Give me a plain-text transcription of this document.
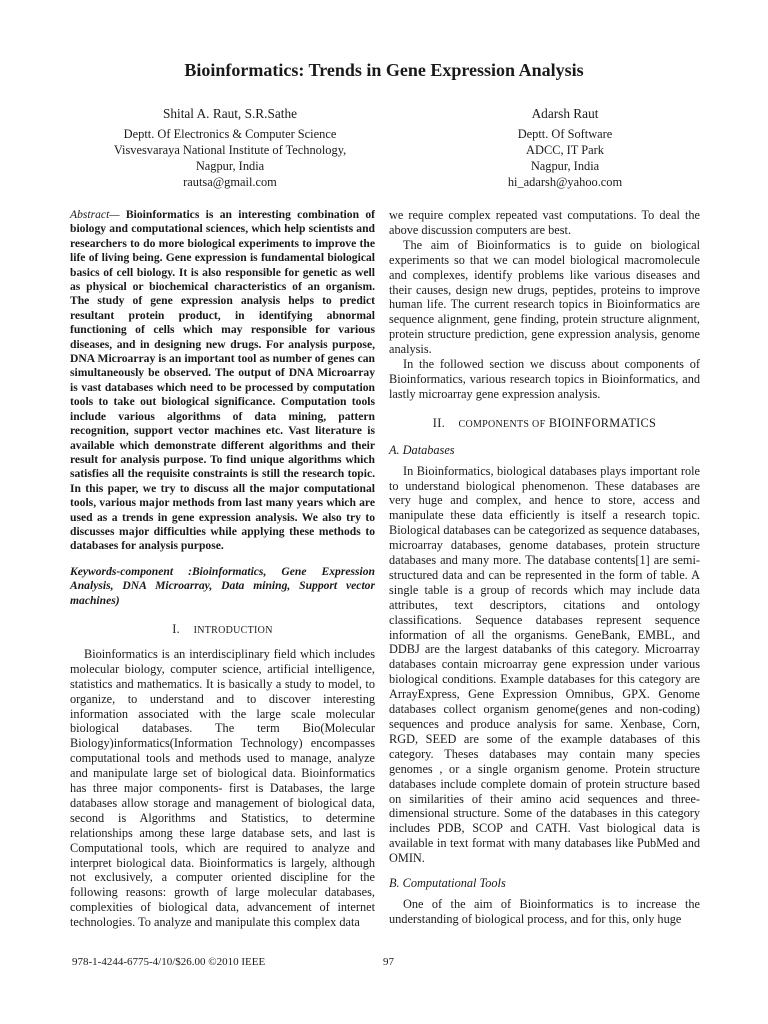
Bioinformatics: Trends in Gene Expression Analysis
Shital A. Raut, S.R.Sathe
Deptt. Of Electronics & Computer Science
Visvesvaraya National Institute of Technology,
Nagpur, India
rautsa@gmail.com
Adarsh Raut
Deptt. Of Software
ADCC, IT Park
Nagpur, India
hi_adarsh@yahoo.com

Abstract— Bioinformatics is an interesting combination of biology and computational sciences, which help scientists and researchers to do more biological experiments to improve the life of living being. Gene expression is fundamental biological basics of cell biology. It is also responsible for genetic as well as physical or biochemical characteristics of an organism. The study of gene expression analysis helps to predict resultant protein product, in identifying abnormal functioning of cells which may responsible for various diseases, and in designing new drugs. For analysis purpose, DNA Microarray is an important tool as number of genes can simultaneously be observed. The output of DNA Microarray is vast databases which need to be processed by computation tools to take out biological significance. Computation tools include various algorithms of data mining, pattern recognition, support vector machines etc. Vast literature is available which demonstrate different algorithms and their result for analysis purpose. To find unique algorithms which satisfies all the requisite constraints is still the research topic. In this paper, we try to discuss all the major computational tools, various major methods from last many years which are used as a trends in gene expression analysis. We also try to discusses major difficulties while applying these methods to databases for analysis purpose.

Keywords-component :Bioinformatics, Gene Expression Analysis, DNA Microarray, Data mining, Support vector machines)

I. INTRODUCTION

Bioinformatics is an interdisciplinary field which includes molecular biology, computer science, artificial intelligence, statistics and mathematics. It is basically a study to model, to organize, to understand and to discover interesting information associated with the large scale molecular biological databases. The term Bio(Molecular Biology)informatics(Information Technology) encompasses computational tools and methods used to manage, analyze and manipulate large set of biological data. Bioinformatics has three major components- first is Databases, the large databases allow storage and management of biological data, second is Algorithms and Statistics, to determine relationships among these large database sets, and last is Computational tools, which are required to analyze and interpret biological data. Bioinformatics is largely, although not exclusively, a computer oriented discipline for the following reasons: growth of large molecular databases, complexities of biological data, advancement of internet technologies. To analyze and manipulate this complex data

we require complex repeated vast computations. To deal the above discussion computers are best.

The aim of Bioinformatics is to guide on biological experiments so that we can model biological macromolecule and complexes, identify problems like various diseases and their causes, design new drugs, peptides, proteins to improve human life. The current research topics in Bioinformatics are sequence alignment, gene finding, protein structure alignment, protein structure prediction, gene expression analysis, genome analysis.

In the followed section we discuss about components of Bioinformatics, various research topics in Bioinformatics, and lastly microarray gene expression analysis.

II. COMPONENTS OF BIOINFORMATICS

A. Databases

In Bioinformatics, biological databases plays important role to understand biological phenomenon. These databases are very huge and complex, and hence to store, access and manipulate these data efficiently is itself a research topic. Biological databases can be categorized as sequence databases, microarray databases, genome databases, protein structure databases and many more. The database contents[1] are semi-structured data and can be represented in the form of table. A single table is a group of records which may include data attributes, text descriptors, citations and ontology classifications. Sequence databases represent sequence information of all the organisms. GeneBank, EMBL, and DDBJ are the largest databanks of this category. Microarray databases contain microarray gene expression under various biological conditions. Example databases for this category are ArrayExpress, Gene Expression Omnibus, GPX. Genome databases collect organism genome(genes and non-coding) sequences and produce analysis for same. Xenbase, Corn, RGD, SEED are some of the example databases of this category. Theses databases may contain many species genomes , or a single organism genome. Protein structure databases include complete domain of protein structure based on similarities of their amino acid sequences and three-dimensional structure. Some of the databases in this category includes PDB, SCOP and CATH. Vast biological data is available in text format with many databases like PubMed and OMIN.

B. Computational Tools

One of the aim of Bioinformatics is to increase the understanding of biological process, and for this, only huge

978-1-4244-6775-4/10/$26.00 ©2010 IEEE	97
